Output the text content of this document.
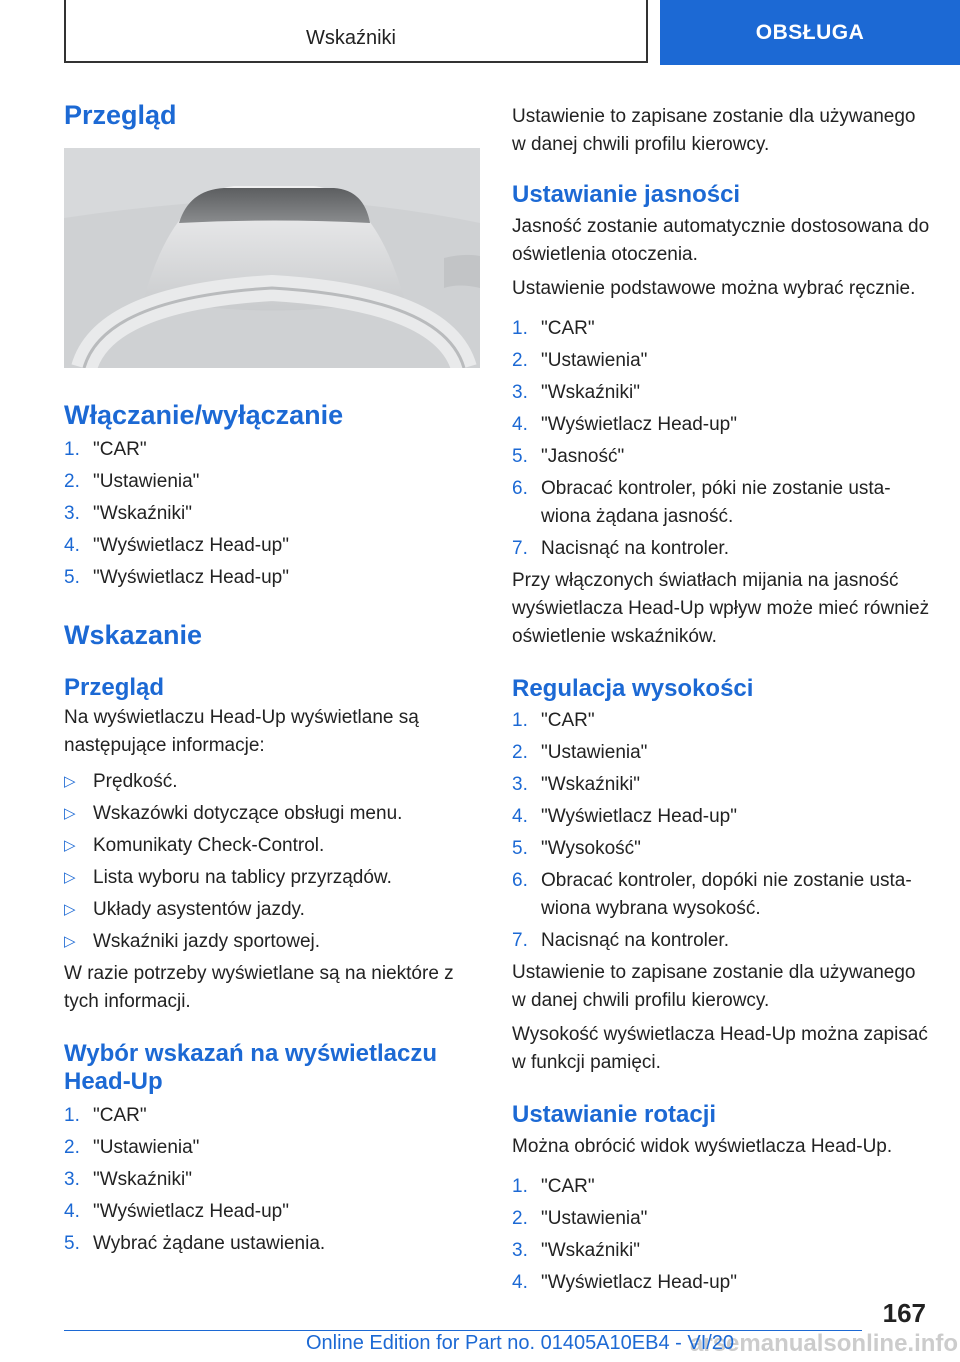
Wskaźniki	OBSŁUGA
Przegląd
Włączanie/wyłączanie
1. "CAR"
2. "Ustawienia"
3. "Wskaźniki"
4. "Wyświetlacz Head-up"
5. "Wyświetlacz Head-up"
Wskazanie
Przegląd

Na wyświetlaczu Head-Up wyświetlane są następujące informacje:

▷ Prędkość.
▷ Wskazówki dotyczące obsługi menu.
▷ Komunikaty Check-Control.
▷ Lista wyboru na tablicy przyrządów.
▷ Układy asystentów jazdy.
▷ Wskaźniki jazdy sportowej.

W razie potrzeby wyświetlane są na niektóre z tych informacji.

Wybór wskazań na wyświetlaczu Head-Up
1. "CAR"
2. "Ustawienia"
3. "Wskaźniki"
4. "Wyświetlacz Head-up"
5. Wybrać żądane ustawienia.

Ustawienie to zapisane zostanie dla używanego w danej chwili profilu kierowcy.

Ustawianie jasności

Jasność zostanie automatycznie dostosowana do oświetlenia otoczenia.

Ustawienie podstawowe można wybrać ręcznie.

1. "CAR"
2. "Ustawienia"
3. "Wskaźniki"
4. "Wyświetlacz Head-up"
5. "Jasność"
6. Obracać kontroler, póki nie zostanie usta-wiona żądana jasność.
7. Nacisnąć na kontroler.

Przy włączonych światłach mijania na jasność wyświetlacza Head-Up wpływ może mieć również oświetlenie wskaźników.

Regulacja wysokości
1. "CAR"
2. "Ustawienia"
3. "Wskaźniki"
4. "Wyświetlacz Head-up"
5. "Wysokość"
6. Obracać kontroler, dopóki nie zostanie usta-wiona wybrana wysokość.
7. Nacisnąć na kontroler.

Ustawienie to zapisane zostanie dla używanego w danej chwili profilu kierowcy.

Wysokość wyświetlacza Head-Up można zapisać w funkcji pamięci.

Ustawianie rotacji

Można obrócić widok wyświetlacza Head-Up.

1. "CAR"
2. "Ustawienia"
3. "Wskaźniki"
4. "Wyświetlacz Head-up"
167
arsemanualsonline.info
Online Edition for Part no. 01405A10EB4 - VI/20
